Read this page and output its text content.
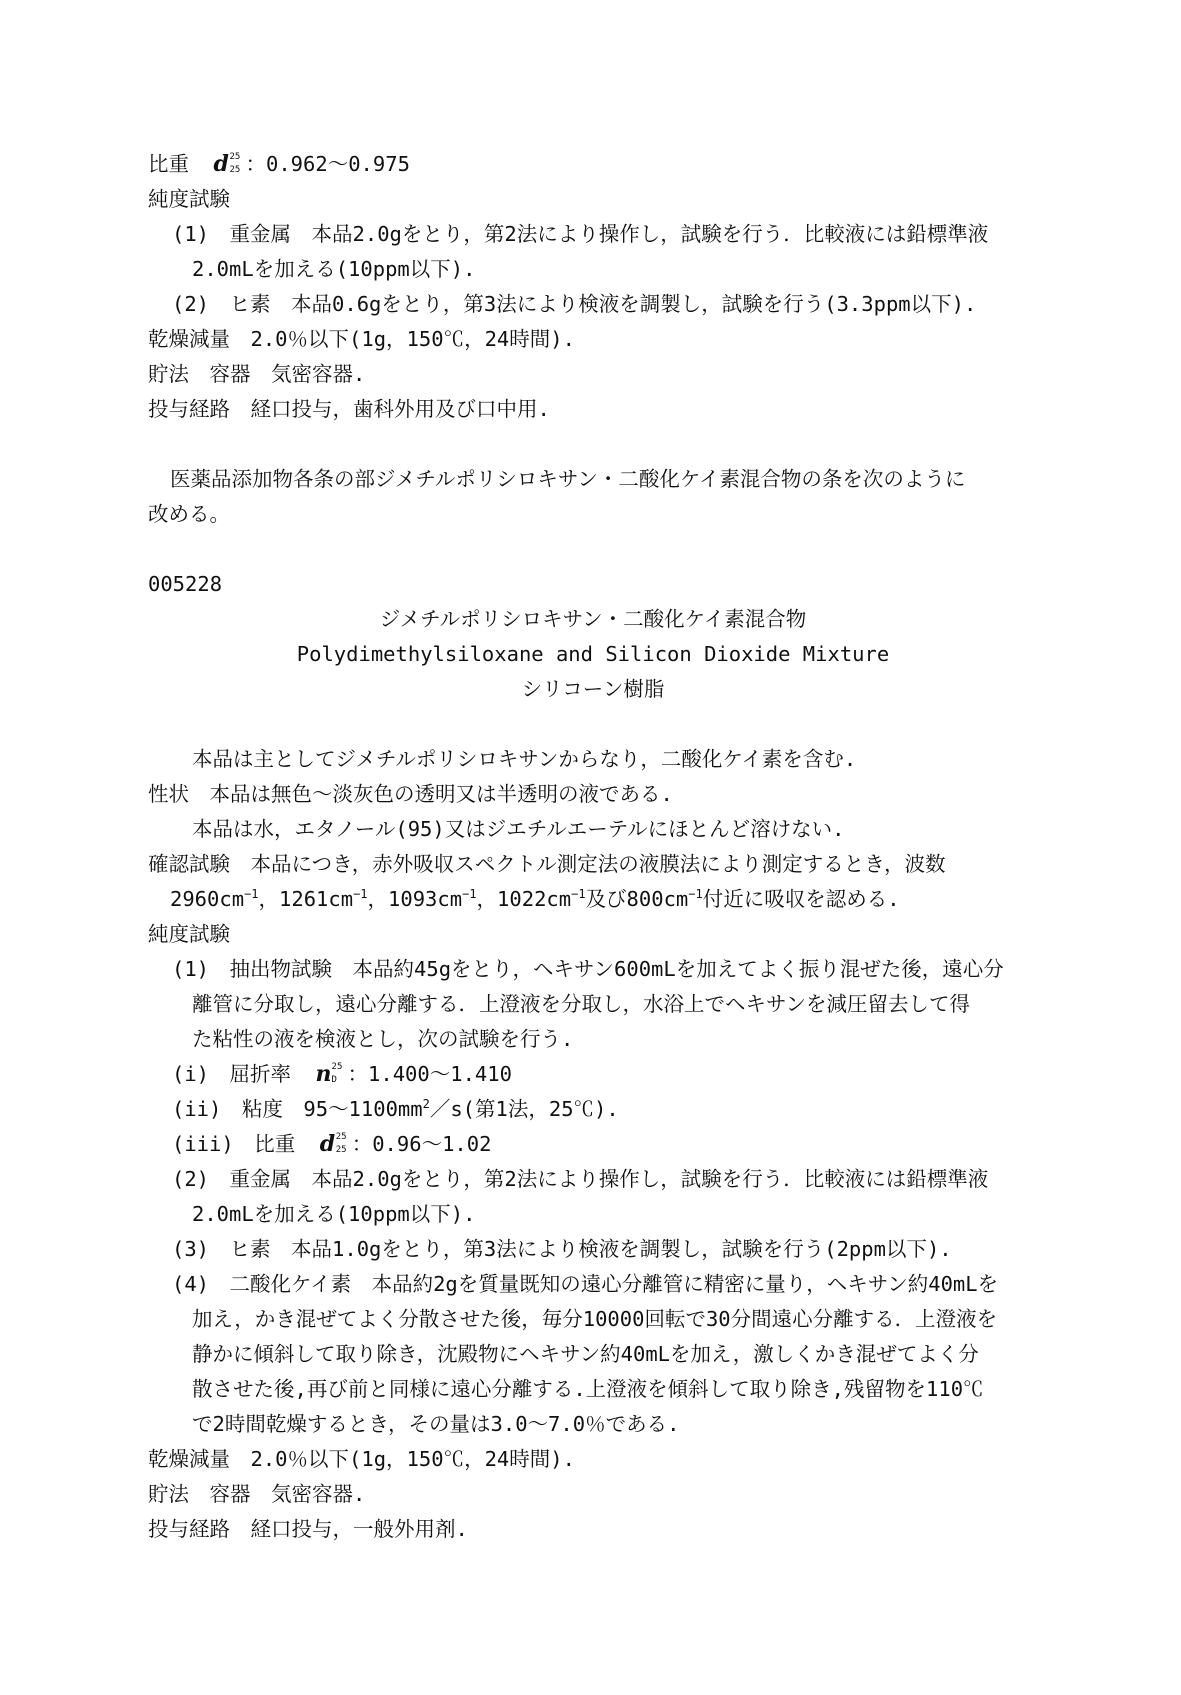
比重　 d 25
25 ：0.962〜0.975
純度試験
(1)　重金属　本品2.0gをとり，第2法により操作し，試験を行う．比較液には鉛標準液
2.0mLを加える(10ppm以下).
(2)　ヒ素　本品0.6gをとり，第3法により検液を調製し，試験を行う(3.3ppm以下).
乾燥減量　2.0％以下(1g，150℃，24時間).
貯法　容器　気密容器.
投与経路　経口投与，歯科外用及び口中用.
医薬品添加物各条の部ジメチルポリシロキサン・二酸化ケイ素混合物の条を次のように
改める。
005228
ジメチルポリシロキサン・二酸化ケイ素混合物
Polydimethylsiloxane and Silicon Dioxide Mixture
シリコーン樹脂
本品は主としてジメチルポリシロキサンからなり，二酸化ケイ素を含む.
性状　本品は無色〜淡灰色の透明又は半透明の液である.
本品は水，エタノール(95)又はジエチルエーテルにほとんど溶けない.
確認試験　本品につき，赤外吸収スペクトル測定法の液膜法により測定するとき，波数
$2960cm^{-1}$，$1261cm^{-1}$，$1093cm^{-1}$，$1022cm^{-1}$及び$800cm^{-1}$付近に吸収を認める.
純度試験
(1)　抽出物試験　本品約45gをとり，ヘキサン600mLを加えてよく振り混ぜた後，遠心分
離管に分取し，遠心分離する．上澄液を分取し，水浴上でヘキサンを減圧留去して得
た粘性の液を検液とし，次の試験を行う.
(i)　屈折率　 n 25
D ：1.400〜1.410
(ii)　粘度　95〜$1100mm^2/s$(第1法，25℃).
(iii)　比重　 d 25
25 ：0.96〜1.02
(2)　重金属　本品2.0gをとり，第2法により操作し，試験を行う．比較液には鉛標準液
2.0mLを加える(10ppm以下).
(3)　ヒ素　本品1.0gをとり，第3法により検液を調製し，試験を行う(2ppm以下).
(4)　二酸化ケイ素　本品約2gを質量既知の遠心分離管に精密に量り，ヘキサン約40mLを
加え，かき混ぜてよく分散させた後，毎分10000回転で30分間遠心分離する．上澄液を
静かに傾斜して取り除き，沈殿物にヘキサン約40mLを加え，激しくかき混ぜてよく分
散させた後,再び前と同様に遠心分離する.上澄液を傾斜して取り除き,残留物を110℃
で2時間乾燥するとき，その量は3.0〜7.0％である.
乾燥減量　2.0％以下(1g，150℃，24時間).
貯法　容器　気密容器.
投与経路　経口投与，一般外用剤.
